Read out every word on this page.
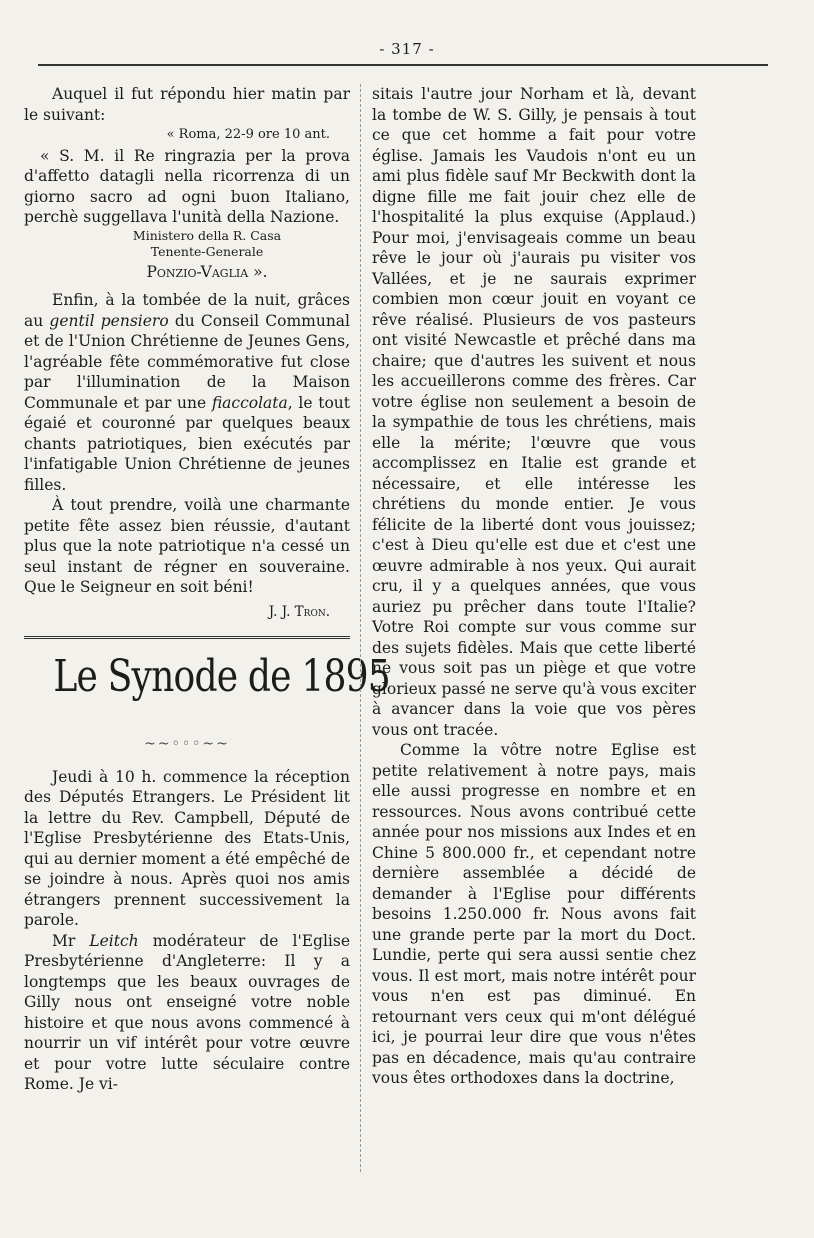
- 317 -

Auquel il fut répondu hier matin par le suivant:

« Roma, 22-9 ore 10 ant.

« S. M. il Re ringrazia per la prova d'affetto datagli nella ricorrenza di un giorno sacro ad ogni buon Italiano, perchè suggellava l'unità della Nazione.

Ministero della R. Casa

Tenente-Generale

Ponzio-Vaglia ».

Enfin, à la tombée de la nuit, grâces au gentil pensiero du Conseil Communal et de l'Union Chrétienne de Jeunes Gens, l'agréable fête commémorative fut close par l'illumination de la Maison Communale et par une fiaccolata, le tout égaié et couronné par quelques beaux chants patriotiques, bien exécutés par l'infatigable Union Chrétienne de jeunes filles.

À tout prendre, voilà une charmante petite fête assez bien réussie, d'autant plus que la note patriotique n'a cessé un seul instant de régner en souveraine. Que le Seigneur en soit béni!

J. J. Tron.

Le Synode de 1895
~~◦◦◦~~

Jeudi à 10 h. commence la réception des Députés Etrangers. Le Président lit la lettre du Rev. Campbell, Député de l'Eglise Presbytérienne des Etats-Unis, qui au dernier moment a été empêché de se joindre à nous. Après quoi nos amis étrangers prennent successivement la parole.

Mr Leitch modérateur de l'Eglise Presbytérienne d'Angleterre: Il y a longtemps que les beaux ouvrages de Gilly nous ont enseigné votre noble histoire et que nous avons commencé à nourrir un vif intérêt pour votre œuvre et pour votre lutte séculaire contre Rome. Je vi-

sitais l'autre jour Norham et là, devant la tombe de W. S. Gilly, je pensais à tout ce que cet homme a fait pour votre église. Jamais les Vaudois n'ont eu un ami plus fidèle sauf Mr Beckwith dont la digne fille me fait jouir chez elle de l'hospitalité la plus exquise (Applaud.) Pour moi, j'envisageais comme un beau rêve le jour où j'aurais pu visiter vos Vallées, et je ne saurais exprimer combien mon cœur jouit en voyant ce rêve réalisé. Plusieurs de vos pasteurs ont visité Newcastle et prêché dans ma chaire; que d'autres les suivent et nous les accueillerons comme des frères. Car votre église non seulement a besoin de la sympathie de tous les chrétiens, mais elle la mérite; l'œuvre que vous accomplissez en Italie est grande et nécessaire, et elle intéresse les chrétiens du monde entier. Je vous félicite de la liberté dont vous jouissez; c'est à Dieu qu'elle est due et c'est une œuvre admirable à nos yeux. Qui aurait cru, il y a quelques années, que vous auriez pu prêcher dans toute l'Italie? Votre Roi compte sur vous comme sur des sujets fidèles. Mais que cette liberté ne vous soit pas un piège et que votre glorieux passé ne serve qu'à vous exciter à avancer dans la voie que vos pères vous ont tracée.

Comme la vôtre notre Eglise est petite relativement à notre pays, mais elle aussi progresse en nombre et en ressources. Nous avons contribué cette année pour nos missions aux Indes et en Chine 5 800.000 fr., et cependant notre dernière assemblée a décidé de demander à l'Eglise pour différents besoins 1.250.000 fr. Nous avons fait une grande perte par la mort du Doct. Lundie, perte qui sera aussi sentie chez vous. Il est mort, mais notre intérêt pour vous n'en est pas diminué. En retournant vers ceux qui m'ont délégué ici, je pourrai leur dire que vous n'êtes pas en décadence, mais qu'au contraire vous êtes orthodoxes dans la doctrine,
